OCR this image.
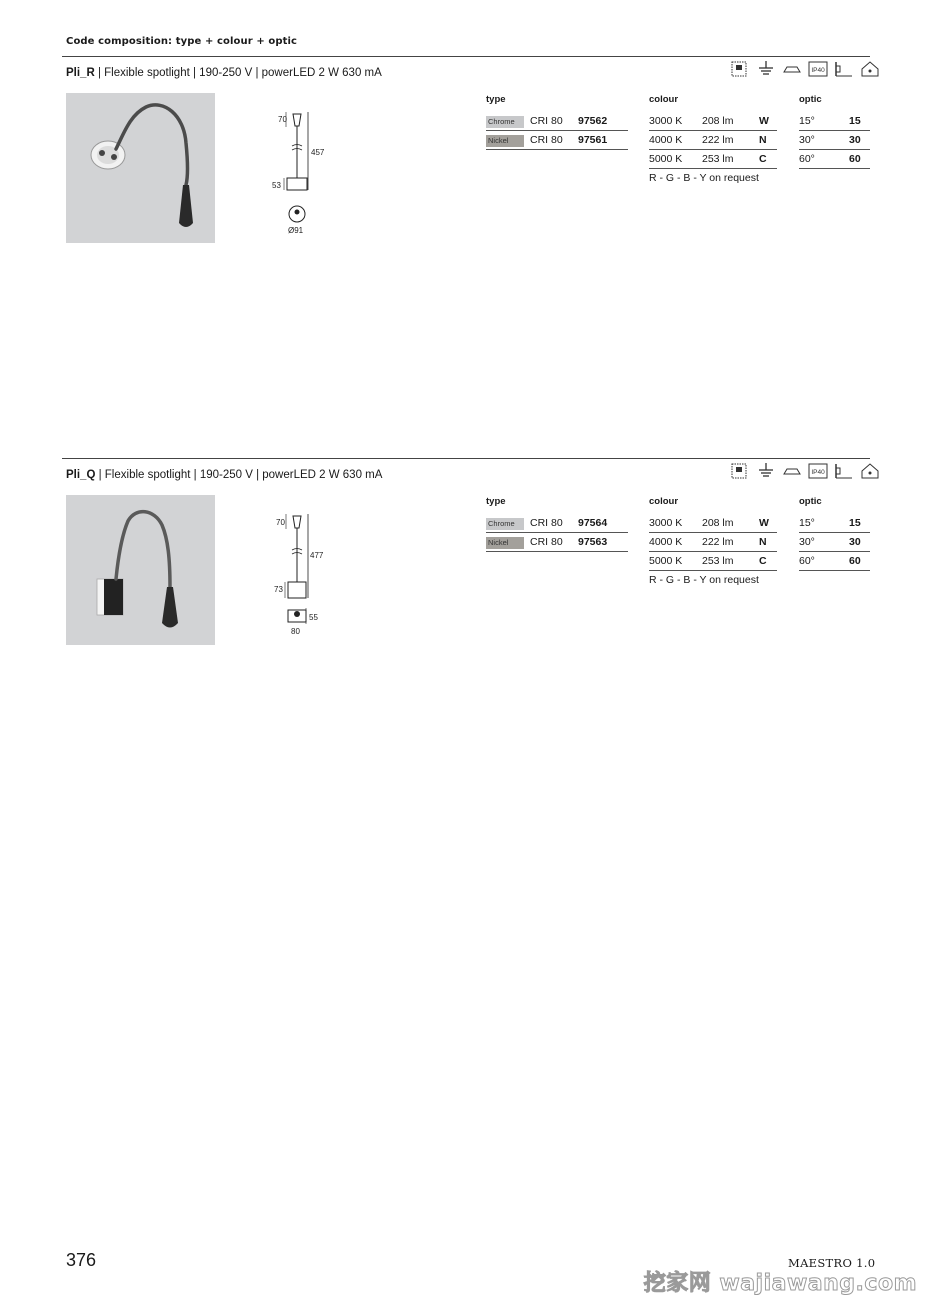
Code composition: type + colour + optic
Pli_R | Flexible spotlight | 190-250 V | powerLED 2 W 630 mA	IP40
70
457
53
Ø91
type	colour	optic
Chrome	CRI 80	97562
Nickel	CRI 80	97561
3000 K	208 lm	W
4000 K	222 lm	N
5000 K	253 lm	C
R - G - B - Y on request
15°	15
30°	30
60°	60
Pli_Q | Flexible spotlight | 190-250 V | powerLED 2 W 630 mA	IP40
70
477
73
55
80
type	colour	optic
Chrome	CRI 80	97564
Nickel	CRI 80	97563
3000 K	208 lm	W
4000 K	222 lm	N
5000 K	253 lm	C
R - G - B - Y on request
15°	15
30°	30
60°	60
376	MAESTRO 1.0
挖家网 wajiawang.com
